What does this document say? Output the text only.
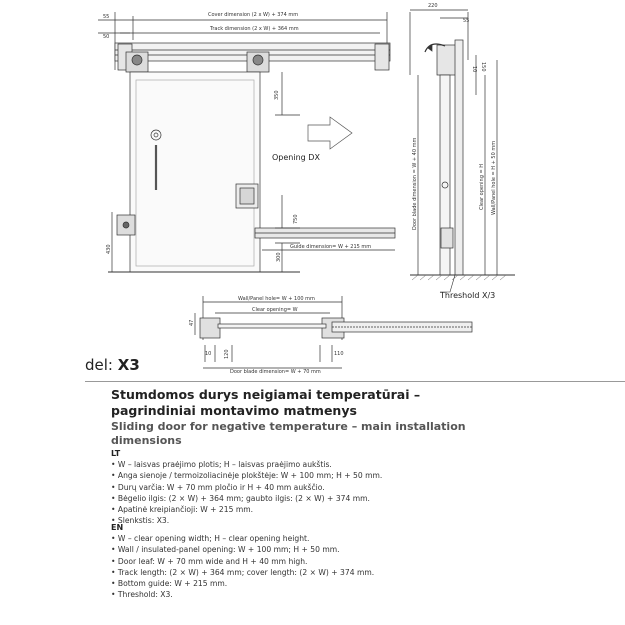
55
50
Cover dimension (2 x W) + 374 mm
Track dimension (2 x W) + 364 mm
350
750
430
300
Guide dimension= W + 215 mm
Opening DX
220
55
150
10
Door blade dimension = W + 40 mm	Clear opening = H Wall/Panel hole = H + 50 mm
Threshold X/3
Wall/Panel hole= W + 100 mm
Clear opening= W
47
10	120	110
Door blade dimension= W + 70 mm
del: X3
Stumdomos durys neigiamai temperatūrai – pagrindiniai montavimo matmenys
Sliding door for negative temperature – main installation dimensions
LT
• W – laisvas praėjimo plotis; H – laisvas praėjimo aukštis.
• Anga sienoje / termoizoliacinėje plokštėje: W + 100 mm; H + 50 mm.
• Durų varčia: W + 70 mm pločio ir H + 40 mm aukščio.
• Bėgelio ilgis: (2 × W) + 364 mm; gaubto ilgis: (2 × W) + 374 mm.
• Apatinė kreipiančioji: W + 215 mm.
• Slenkstis: X3.
EN
• W – clear opening width; H – clear opening height.
• Wall / insulated-panel opening: W + 100 mm; H + 50 mm.
• Door leaf: W + 70 mm wide and H + 40 mm high.
• Track length: (2 × W) + 364 mm; cover length: (2 × W) + 374 mm.
• Bottom guide: W + 215 mm.
• Threshold: X3.
